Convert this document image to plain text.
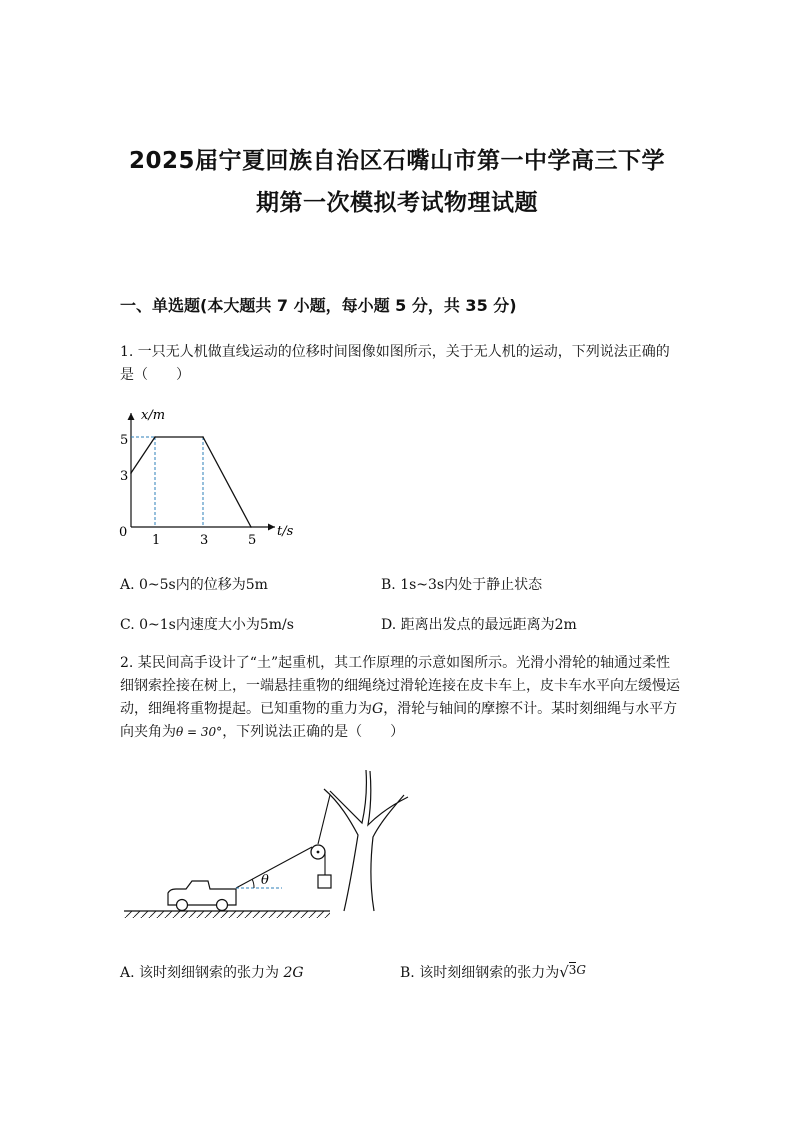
2025届宁夏回族自治区石嘴山市第一中学高三下学
期第一次模拟考试物理试题
一、单选题(本大题共 7 小题，每小题 5 分，共 35 分)
1. 一只无人机做直线运动的位移时间图像如图所示，关于无人机的运动，下列说法正确的是（　　）
x/m
t/s
0
1	3	5
3
5
A. 0~5s内的位移为5m	B. 1s~3s内处于静止状态
C. 0~1s内速度大小为5m/s	D. 距离出发点的最远距离为2m
2. 某民间高手设计了“土”起重机，其工作原理的示意如图所示。光滑小滑轮的轴通过柔性细钢索拴接在树上，一端悬挂重物的细绳绕过滑轮连接在皮卡车上，皮卡车水平向左缓慢运动，细绳将重物提起。已知重物的重力为G，滑轮与轴间的摩擦不计。某时刻细绳与水平方向夹角为θ = 30°，下列说法正确的是（　　）
θ
A. 该时刻细钢索的张力为 2G	B. 该时刻细钢索的张力为√3G
